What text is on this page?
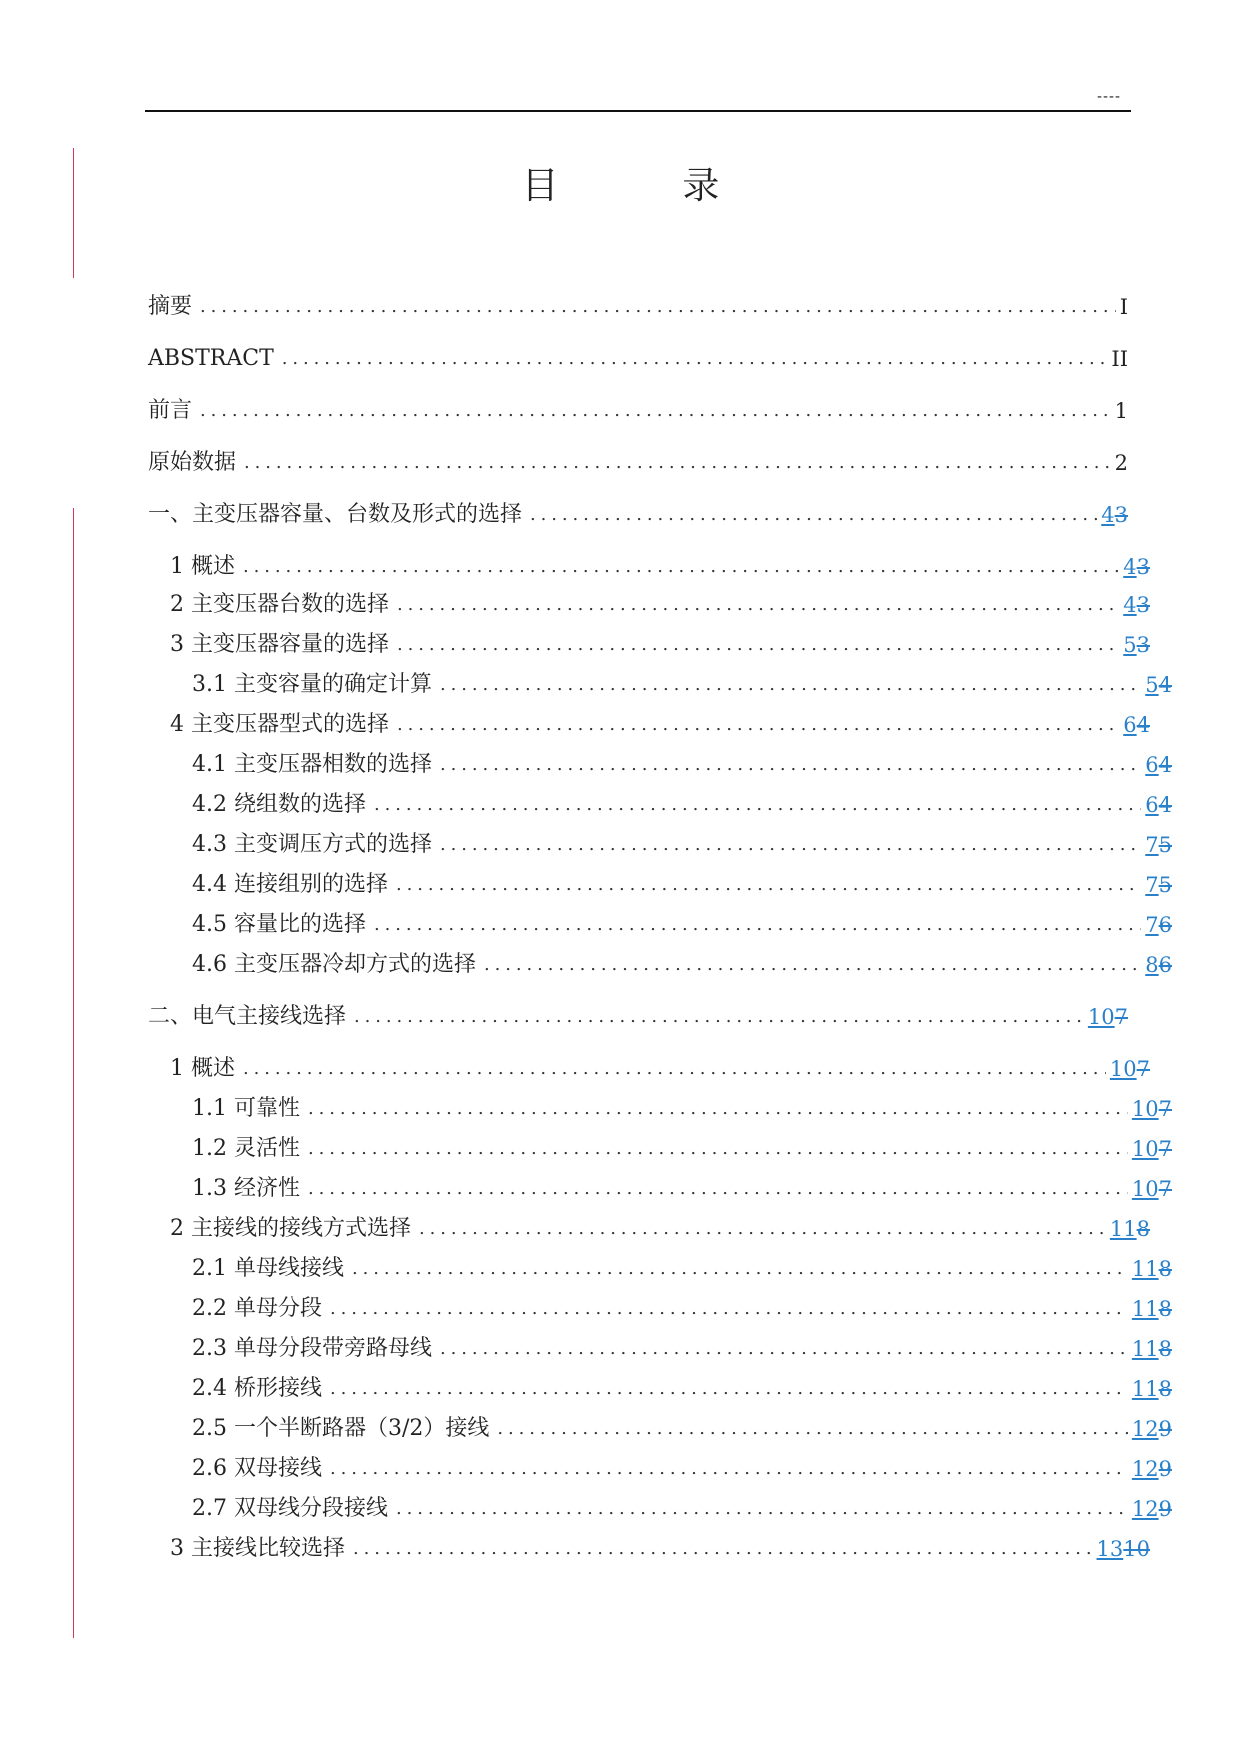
----
目 录
摘要 .....	I
ABSTRACT .....	II
前言 .....	1
原始数据 .....	2
一、主变压器容量、台数及形式的选择 .....	43
1 概述 .....	43
2 主变压器台数的选择 .....	43
3 主变压器容量的选择 .....	53
3.1 主变容量的确定计算 .....	54
4 主变压器型式的选择 .....	64
4.1 主变压器相数的选择 .....	64
4.2 绕组数的选择 .....	64
4.3 主变调压方式的选择 .....	75
4.4 连接组别的选择 .....	75
4.5 容量比的选择 .....	76
4.6 主变压器冷却方式的选择 .....	86
二、电气主接线选择 .....	107
1 概述 .....	107
1.1 可靠性 .....	107
1.2 灵活性 .....	107
1.3 经济性 .....	107
2 主接线的接线方式选择 .....	118
2.1 单母线接线 .....	118
2.2 单母分段 .....	118
2.3 单母分段带旁路母线 .....	118
2.4 桥形接线 .....	118
2.5 一个半断路器（3/2）接线 .....	129
2.6 双母接线 .....	129
2.7 双母线分段接线 .....	129
3 主接线比较选择 .....	1310
